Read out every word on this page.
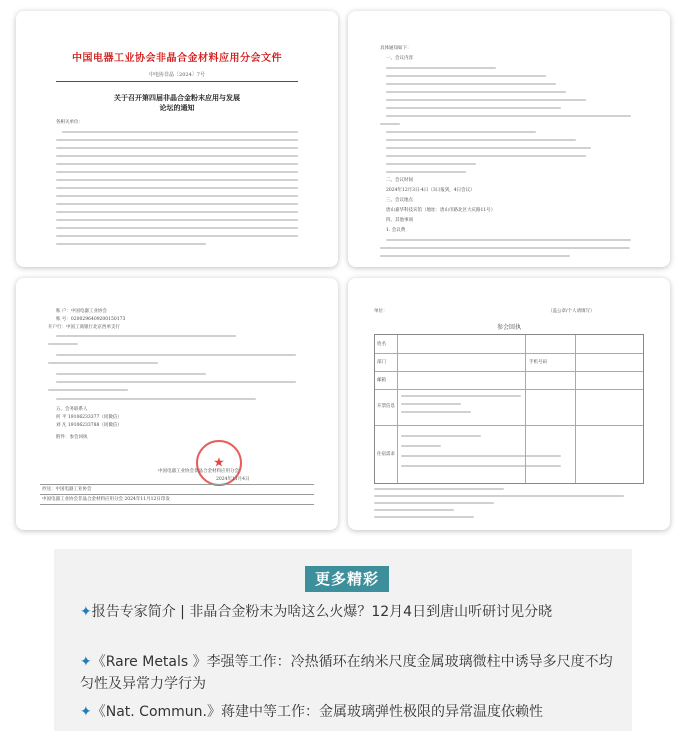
中国电器工业协会非晶合金材料应用分会文件
中电协非晶〔2024〕7号
关于召开第四届非晶合金粉末应用与发展
论坛的通知
各相关单位：
具体通知如下：
一、会议内容
二、会议时间
2024年12月3日-4日（3日报到，4日会议）
三、会议地点
唐山嘉华科技宾馆（地址：唐山市路北区大庆路11号）
四、其他事项
1. 会议费
账 户：中国电器工业协会
账 号：0200296409200150173
开户行：中国工商银行北京西单支行
五、会务联系人
何 平 19106233377（同微信）
刘 凡 19106233788（同微信）
附件：参会回执
★
中国电器工业协会非晶合金材料应用分会
2024年11月4日
抄送：中国电器工业协会
中国电器工业协会非晶合金材料应用分会 2024年11月12日印发
单位：	（盖公章/个人请填写）
参会回执
姓名
部门	手机号码
邮箱
开票信息
住宿需求
更多精彩
✦报告专家简介 | 非晶合金粉末为啥这么火爆？12月4日到唐山听研讨见分晓
✦《Rare Metals 》李强等工作：冷热循环在纳米尺度金属玻璃微柱中诱导多尺度不均匀性及异常力学行为
✦《Nat. Commun.》蒋建中等工作：金属玻璃弹性极限的异常温度依赖性
